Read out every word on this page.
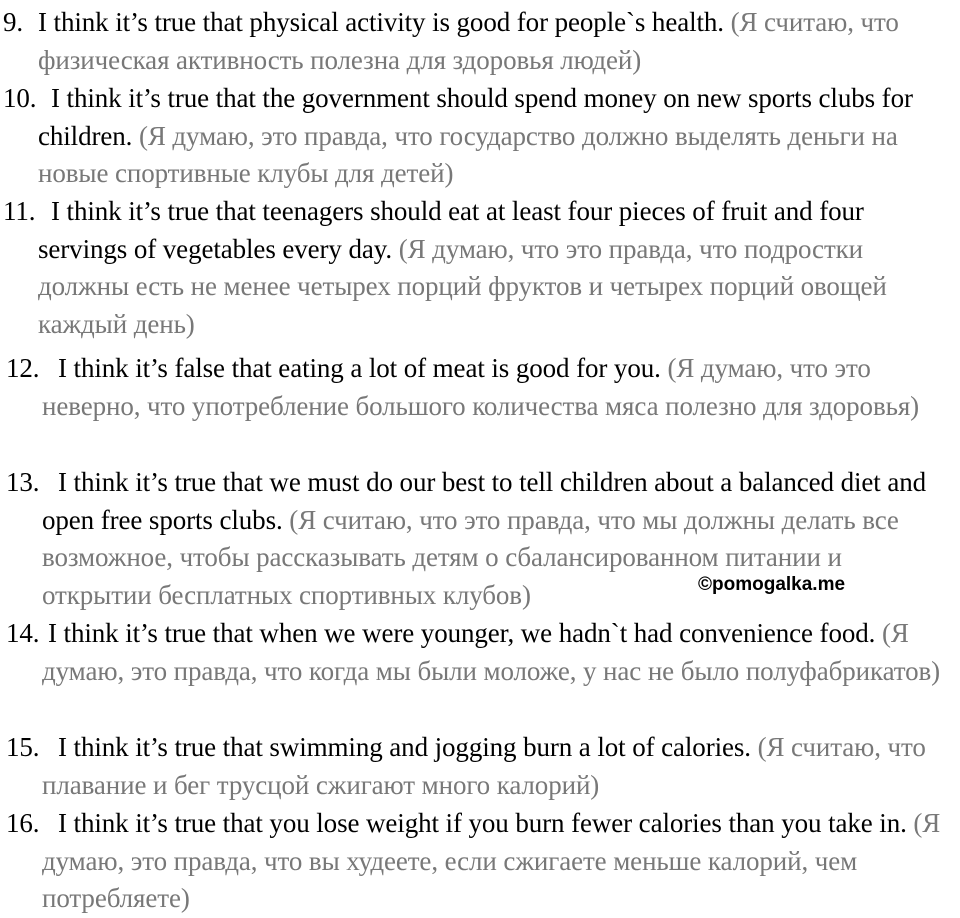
9. I think it’s true that physical activity is good for people`s health. (Я считаю, что физическая активность полезна для здоровья людей)
10. I think it’s true that the government should spend money on new sports clubs for children. (Я думаю, это правда, что государство должно выделять деньги на новые спортивные клубы для детей)
11. I think it’s true that teenagers should eat at least four pieces of fruit and four servings of vegetables every day. (Я думаю, что это правда, что подростки должны есть не менее четырех порций фруктов и четырех порций овощей каждый день)
12. I think it’s false that eating a lot of meat is good for you. (Я думаю, что это неверно, что употребление большого количества мяса полезно для здоровья)
13. I think it’s true that we must do our best to tell children about a balanced diet and open free sports clubs. (Я считаю, что это правда, что мы должны делать все возможное, чтобы рассказывать детям о сбалансированном питании и открытии бесплатных спортивных клубов)
14. I think it’s true that when we were younger, we hadn`t had convenience food. (Я думаю, это правда, что когда мы были моложе, у нас не было полуфабрикатов)
15. I think it’s true that swimming and jogging burn a lot of calories. (Я считаю, что плавание и бег трусцой сжигают много калорий)
16. I think it’s true that you lose weight if you burn fewer calories than you take in. (Я думаю, это правда, что вы худеете, если сжигаете меньше калорий, чем потребляете)
©pomogalka.me
